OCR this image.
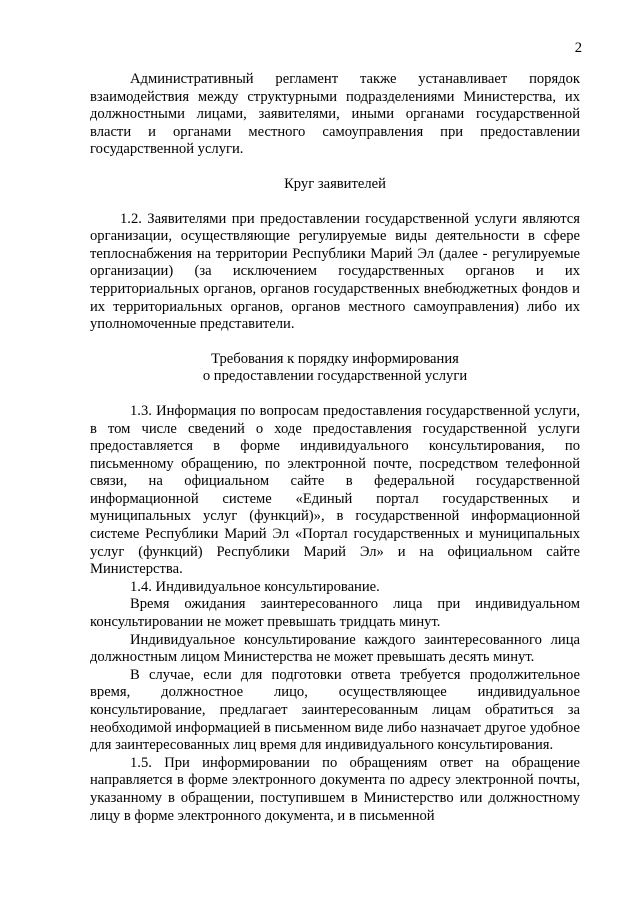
2

Административный регламент также устанавливает порядок взаимодействия между структурными подразделениями Министерства, их должностными лицами, заявителями, иными органами государственной власти и органами местного самоуправления при предоставлении государственной услуги.

Круг заявителей

1.2. Заявителями при предоставлении государственной услуги являются организации, осуществляющие регулируемые виды деятельности в сфере теплоснабжения на территории Республики Марий Эл (далее - регулируемые организации) (за исключением государственных органов и их территориальных органов, органов государственных внебюджетных фондов и их территориальных органов, органов местного самоуправления) либо их уполномоченные представители.

Требования к порядку информирования
о предоставлении государственной услуги

1.3. Информация по вопросам предоставления государственной услуги, в том числе сведений о ходе предоставления государственной услуги предоставляется в форме индивидуального консультирования, по письменному обращению, по электронной почте, посредством телефонной связи, на официальном сайте в федеральной государственной информационной системе «Единый портал государственных и муниципальных услуг (функций)», в государственной информационной системе Республики Марий Эл «Портал государственных и муниципальных услуг (функций) Республики Марий Эл» и на официальном сайте Министерства.

1.4. Индивидуальное консультирование.

Время ожидания заинтересованного лица при индивидуальном консультировании не может превышать тридцать минут.

Индивидуальное консультирование каждого заинтересованного лица должностным лицом Министерства не может превышать десять минут.

В случае, если для подготовки ответа требуется продолжительное время, должностное лицо, осуществляющее индивидуальное консультирование, предлагает заинтересованным лицам обратиться за необходимой информацией в письменном виде либо назначает другое удобное для заинтересованных лиц время для индивидуального консультирования.

1.5. При информировании по обращениям ответ на обращение направляется в форме электронного документа по адресу электронной почты, указанному в обращении, поступившем в Министерство или должностному лицу в форме электронного документа, и в письменной
